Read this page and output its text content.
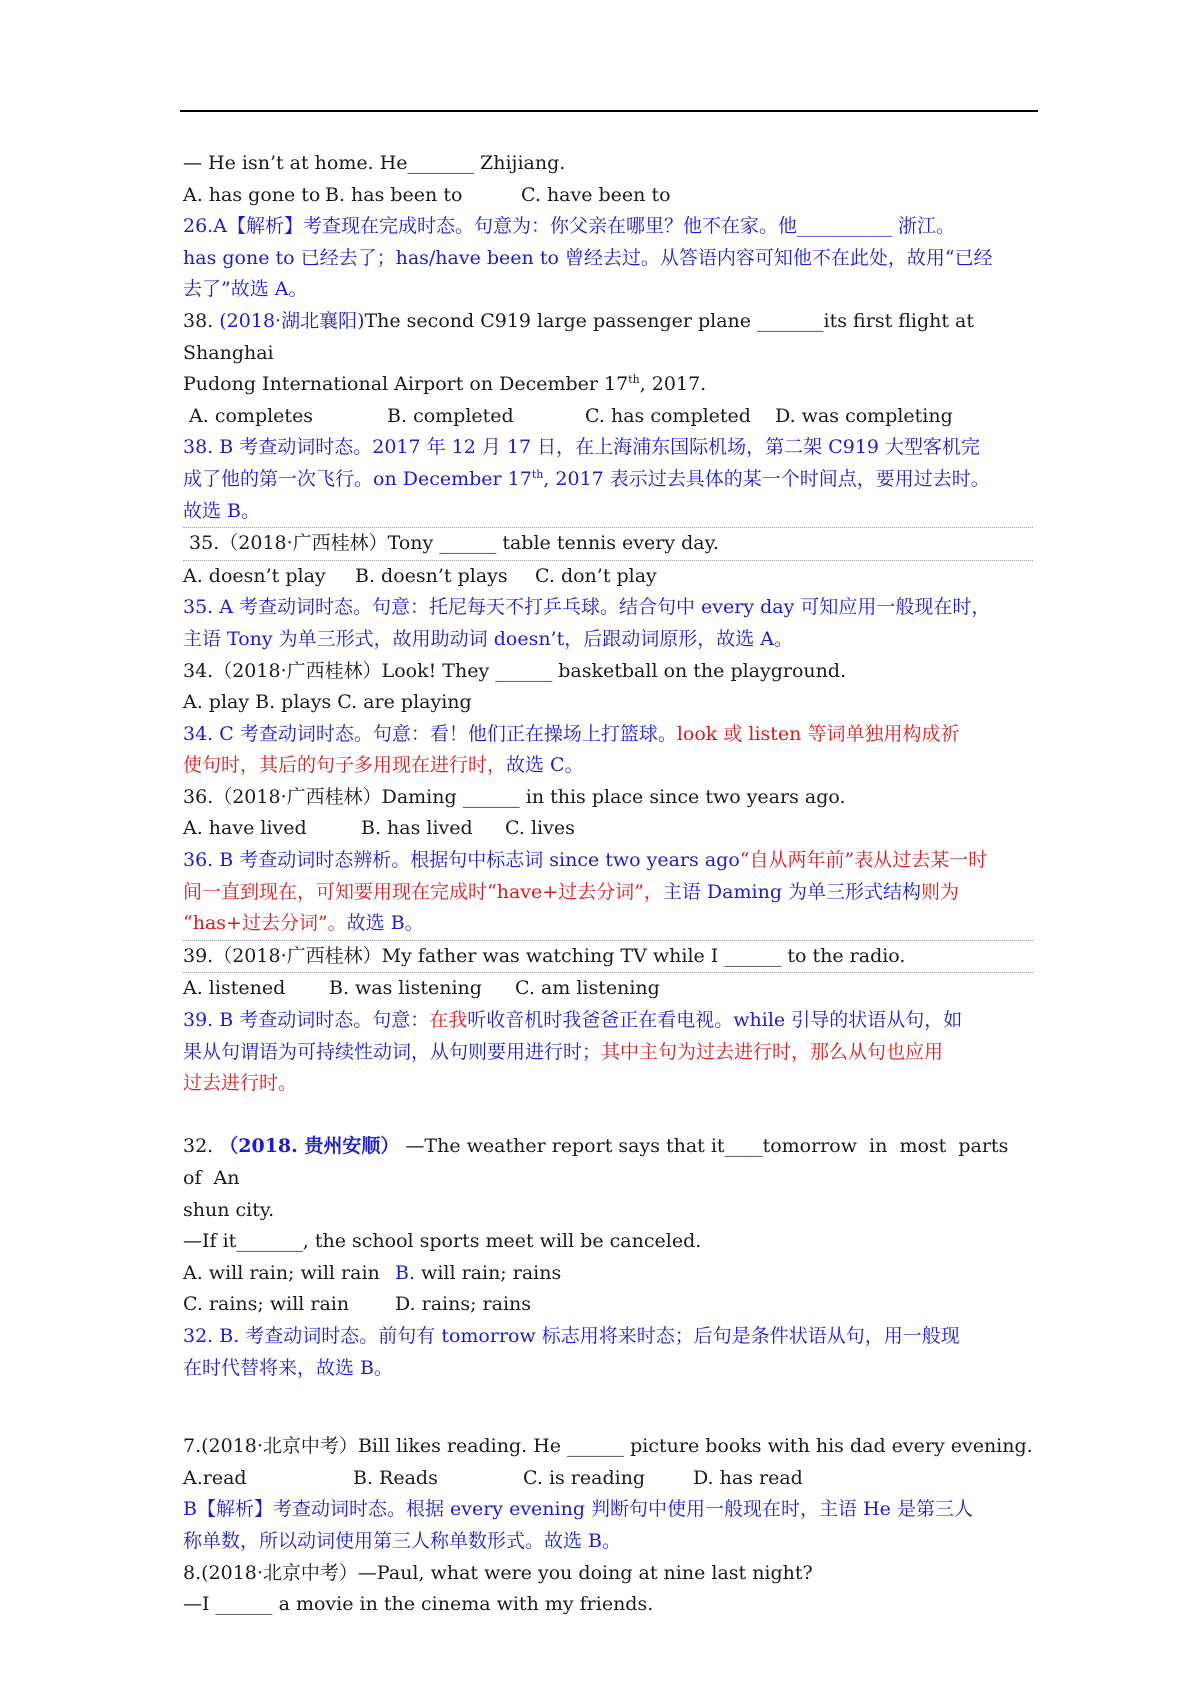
— He isn’t at home. He_______ Zhijiang.
A. has gone to B. has been to	C. have been to
26.A【解析】考查现在完成时态。句意为：你父亲在哪里？他不在家。他__________ 浙江。
has gone to 已经去了；has/have been to 曾经去过。从答语内容可知他不在此处，故用“已经
去了”故选 A。
38. (2018·湖北襄阳)The second C919 large passenger plane _______its first flight at Shanghai
Pudong International Airport on December 17th, 2017.
A. completes	B. completed	C. has completed D. was completing
38. B 考查动词时态。2017 年 12 月 17 日，在上海浦东国际机场，第二架 C919 大型客机完
成了他的第一次飞行。on December 17th, 2017 表示过去具体的某一个时间点，要用过去时。
故选 B。
35.（2018·广西桂林）Tony ______ table tennis every day.
A. doesn’t play B. doesn’t plays C. don’t play
35. A 考查动词时态。句意：托尼每天不打乒乓球。结合句中 every day 可知应用一般现在时，
主语 Tony 为单三形式，故用助动词 doesn’t，后跟动词原形，故选 A。
34.（2018·广西桂林）Look! They ______ basketball on the playground.
A. play B. plays C. are playing
34. C 考查动词时态。句意：看！他们正在操场上打篮球。look 或 listen 等词单独用构成祈
使句时，其后的句子多用现在进行时，故选 C。
36.（2018·广西桂林）Daming ______ in this place since two years ago.
A. have lived	B. has lived C. lives
36. B 考查动词时态辨析。根据句中标志词 since two years ago“自从两年前”表从过去某一时
间一直到现在，可知要用现在完成时“have+过去分词”，主语 Daming 为单三形式结构则为
“has+过去分词”。故选 B。
39.（2018·广西桂林）My father was watching TV while I ______ to the radio.
A. listened B. was listening C. am listening
39. B 考查动词时态。句意：在我听收音机时我爸爸正在看电视。while 引导的状语从句，如
果从句谓语为可持续性动词，从句则要用进行时；其中主句为过去进行时，那么从句也应用
过去进行时。
32. （2018. 贵州安顺） —The weather report says that it____tomorrow  in  most  parts  of  An
shun city.
—If it_______, the school sports meet will be canceled.
A. will rain; will rain B. will rain; rains
C. rains; will rain D. rains; rains
32. B. 考查动词时态。前句有 tomorrow 标志用将来时态；后句是条件状语从句，用一般现
在时代替将来，故选 B。
7.(2018·北京中考）Bill likes reading. He ______ picture books with his dad every evening.
A.read	B. Reads	C. is reading	D. has read
B【解析】考查动词时态。根据 every evening 判断句中使用一般现在时，主语 He 是第三人
称单数，所以动词使用第三人称单数形式。故选 B。
8.(2018·北京中考）—Paul, what were you doing at nine last night?
—I ______ a movie in the cinema with my friends.
